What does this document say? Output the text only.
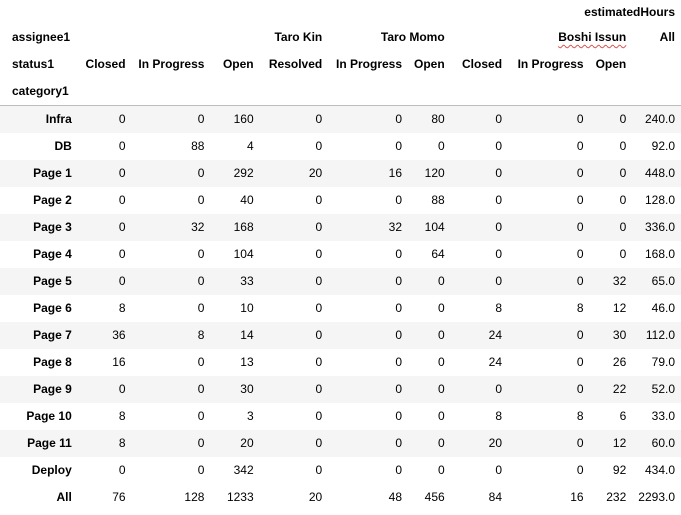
								estimatedHours		
assignee1				Taro Kin	Taro Momo		Boshi Issun			All
status1	Closed	In Progress	Open	Resolved	In Progress	Open	Closed	In Progress	Open	
category1										
Infra	0	0	160	0	0	80	0	0	0	240.0
DB	0	88	4	0	0	0	0	0	0	92.0
Page 1	0	0	292	20	16	120	0	0	0	448.0
Page 2	0	0	40	0	0	88	0	0	0	128.0
Page 3	0	32	168	0	32	104	0	0	0	336.0
Page 4	0	0	104	0	0	64	0	0	0	168.0
Page 5	0	0	33	0	0	0	0	0	32	65.0
Page 6	8	0	10	0	0	0	8	8	12	46.0
Page 7	36	8	14	0	0	0	24	0	30	112.0
Page 8	16	0	13	0	0	0	24	0	26	79.0
Page 9	0	0	30	0	0	0	0	0	22	52.0
Page 10	8	0	3	0	0	0	8	8	6	33.0
Page 11	8	0	20	0	0	0	20	0	12	60.0
Deploy	0	0	342	0	0	0	0	0	92	434.0
All	76	128	1233	20	48	456	84	16	232	2293.0
